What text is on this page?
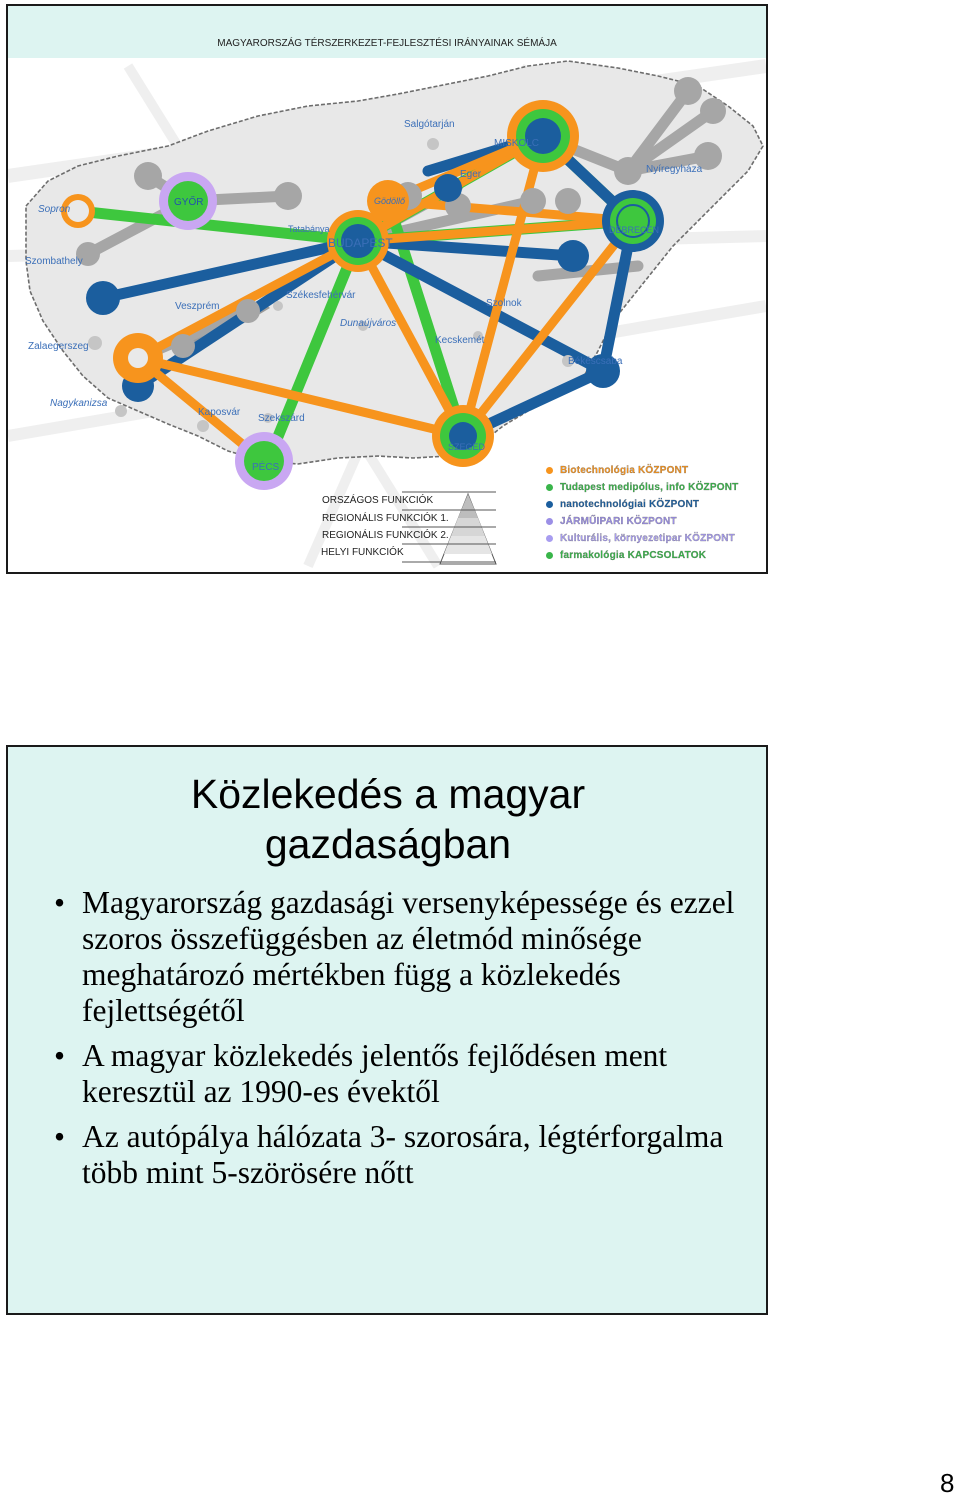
Sopron
GYŐR
Szombathely
Tatabánya
BUDAPEST
Gödöllő
Salgótarján
MISKOLC
Eger	Nyíregyháza
DEBRECEN
Veszprém
Székesfehérvár
Dunaújváros
Szolnok
Kecskemét
Zalaegerszeg
Békéscsaba
Nagykanizsa
Kaposvár
Szekszárd
SZEGED
PÉCS
MAGYARORSZÁG TÉRSZERKEZET-FEJLESZTÉSI IRÁNYAINAK SÉMÁJA
ORSZÁGOS FUNKCIÓK
REGIONÁLIS FUNKCIÓK 1.
REGIONÁLIS FUNKCIÓK 2.
HELYI FUNKCIÓK
Biotechnológia KÖZPONT
Tudapest medipólus, info KÖZPONT
nanotechnológiai KÖZPONT
JÁRMŰIPARI KÖZPONT
Kulturális, környezetipar KÖZPONT
farmakológia KAPCSOLATOK
Közlekedés a magyar gazdaságban
• Magyarország gazdasági versenyképessége és ezzel szoros összefüggésben az életmód minősége meghatározó mértékben függ a közlekedés fejlettségétől
• A magyar közlekedés jelentős fejlődésen ment keresztül az 1990-es évektől
• Az autópálya hálózata 3- szorosára, légtérforgalma több mint 5-szörösére nőtt
8
